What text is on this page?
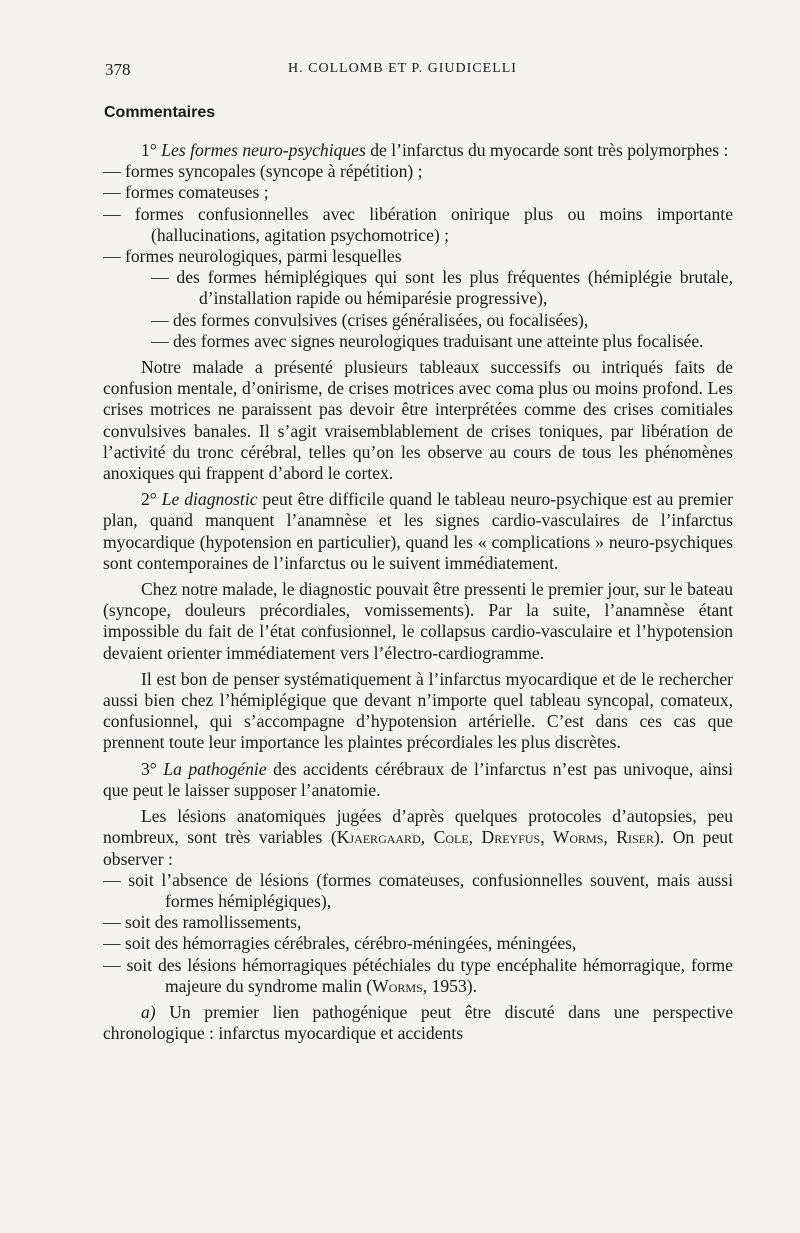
378	H. COLLOMB ET P. GIUDICELLI
Commentaires

1° Les formes neuro-psychiques de l’infarctus du myocarde sont très polymorphes :

— formes syncopales (syncope à répétition) ;

— formes comateuses ;

— formes confusionnelles avec libération onirique plus ou moins importante (hallucinations, agitation psychomotrice) ;

— formes neurologiques, parmi lesquelles

— des formes hémiplégiques qui sont les plus fréquentes (hémiplégie brutale, d’installation rapide ou hémiparésie progressive),

— des formes convulsives (crises généralisées, ou focalisées),

— des formes avec signes neurologiques traduisant une atteinte plus focalisée.

Notre malade a présenté plusieurs tableaux successifs ou intriqués faits de confusion mentale, d’onirisme, de crises motrices avec coma plus ou moins profond. Les crises motrices ne paraissent pas devoir être interprétées comme des crises comitiales convulsives banales. Il s’agit vraisemblablement de crises toniques, par libération de l’activité du tronc cérébral, telles qu’on les observe au cours de tous les phénomènes anoxiques qui frappent d’abord le cortex.

2° Le diagnostic peut être difficile quand le tableau neuro-psychique est au premier plan, quand manquent l’anamnèse et les signes cardio-vasculaires de l’infarctus myocardique (hypotension en particulier), quand les « complications » neuro-psychiques sont contemporaines de l’infarctus ou le suivent immédiatement.

Chez notre malade, le diagnostic pouvait être pressenti le premier jour, sur le bateau (syncope, douleurs précordiales, vomissements). Par la suite, l’anamnèse étant impossible du fait de l’état confusionnel, le collapsus cardio-vasculaire et l’hypotension devaient orienter immédiatement vers l’électro-cardiogramme.

Il est bon de penser systématiquement à l’infarctus myocardique et de le rechercher aussi bien chez l’hémiplégique que devant n’importe quel tableau syncopal, comateux, confusionnel, qui s’accompagne d’hypotension artérielle. C’est dans ces cas que prennent toute leur importance les plaintes précordiales les plus discrètes.

3° La pathogénie des accidents cérébraux de l’infarctus n’est pas univoque, ainsi que peut le laisser supposer l’anatomie.

Les lésions anatomiques jugées d’après quelques protocoles d’autopsies, peu nombreux, sont très variables (Kjaergaard, Cole, Dreyfus, Worms, Riser). On peut observer :

— soit l’absence de lésions (formes comateuses, confusionnelles souvent, mais aussi formes hémiplégiques),

— soit des ramollissements,

— soit des hémorragies cérébrales, cérébro-méningées, méningées,

— soit des lésions hémorragiques pétéchiales du type encéphalite hémorragique, forme majeure du syndrome malin (Worms, 1953).

a) Un premier lien pathogénique peut être discuté dans une perspective chronologique : infarctus myocardique et accidents
